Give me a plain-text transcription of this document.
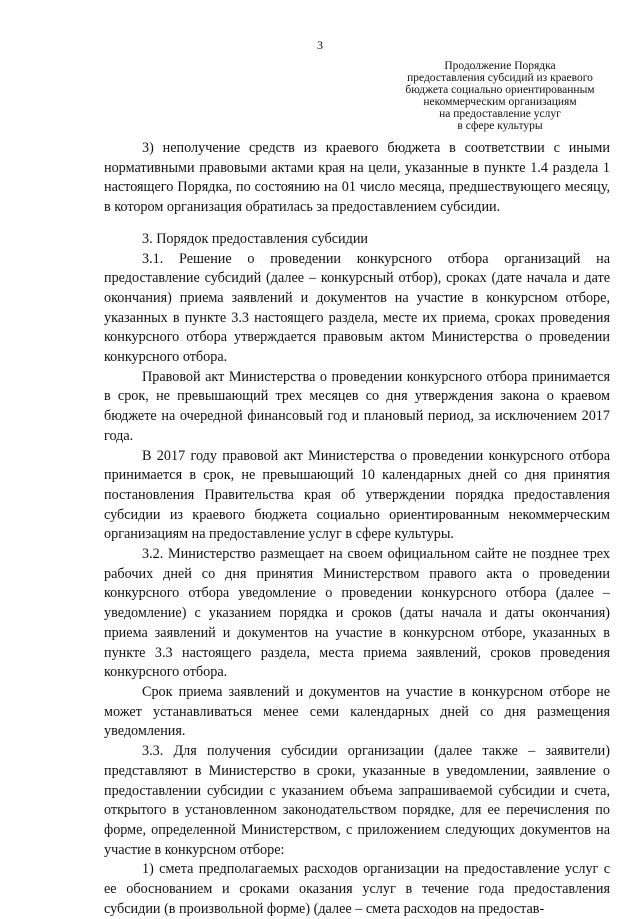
3
Продолжение Порядка
предоставления субсидий из краевого
бюджета социально ориентированным
некоммерческим организациям
на предоставление услуг
в сфере культуры

3) неполучение средств из краевого бюджета в соответствии с иными нормативными правовыми актами края на цели, указанные в пункте 1.4 раздела 1 настоящего Порядка, по состоянию на 01 число месяца, предшествующего месяцу, в котором организация обратилась за предоставлением субсидии.

3. Порядок предоставления субсидии

3.1. Решение о проведении конкурсного отбора организаций на предоставление субсидий (далее – конкурсный отбор), сроках (дате начала и дате окончания) приема заявлений и документов на участие в конкурсном отборе, указанных в пункте 3.3 настоящего раздела, месте их приема, сроках проведения конкурсного отбора утверждается правовым актом Министерства о проведении конкурсного отбора.

Правовой акт Министерства о проведении конкурсного отбора принимается в срок, не превышающий трех месяцев со дня утверждения закона о краевом бюджете на очередной финансовый год и плановый период, за исключением 2017 года.

В 2017 году правовой акт Министерства о проведении конкурсного отбора принимается в срок, не превышающий 10 календарных дней со дня принятия постановления Правительства края об утверждении порядка предоставления субсидии из краевого бюджета социально ориентированным некоммерческим организациям на предоставление услуг в сфере культуры.

3.2. Министерство размещает на своем официальном сайте не позднее трех рабочих дней со дня принятия Министерством правого акта о проведении конкурсного отбора уведомление о проведении конкурсного отбора (далее – уведомление) с указанием порядка и сроков (даты начала и даты окончания) приема заявлений и документов на участие в конкурсном отборе, указанных в пункте 3.3 настоящего раздела, места приема заявлений, сроков проведения конкурсного отбора.

Срок приема заявлений и документов на участие в конкурсном отборе не может устанавливаться менее семи календарных дней со дня размещения уведомления.

3.3. Для получения субсидии организации (далее также – заявители) представляют в Министерство в сроки, указанные в уведомлении, заявление о предоставлении субсидии с указанием объема запрашиваемой субсидии и счета, открытого в установленном законодательством порядке, для ее перечисления по форме, определенной Министерством, с приложением следующих документов на участие в конкурсном отборе:

1) смета предполагаемых расходов организации на предоставление услуг с ее обоснованием и сроками оказания услуг в течение года предоставления субсидии (в произвольной форме) (далее – смета расходов на предостав-
